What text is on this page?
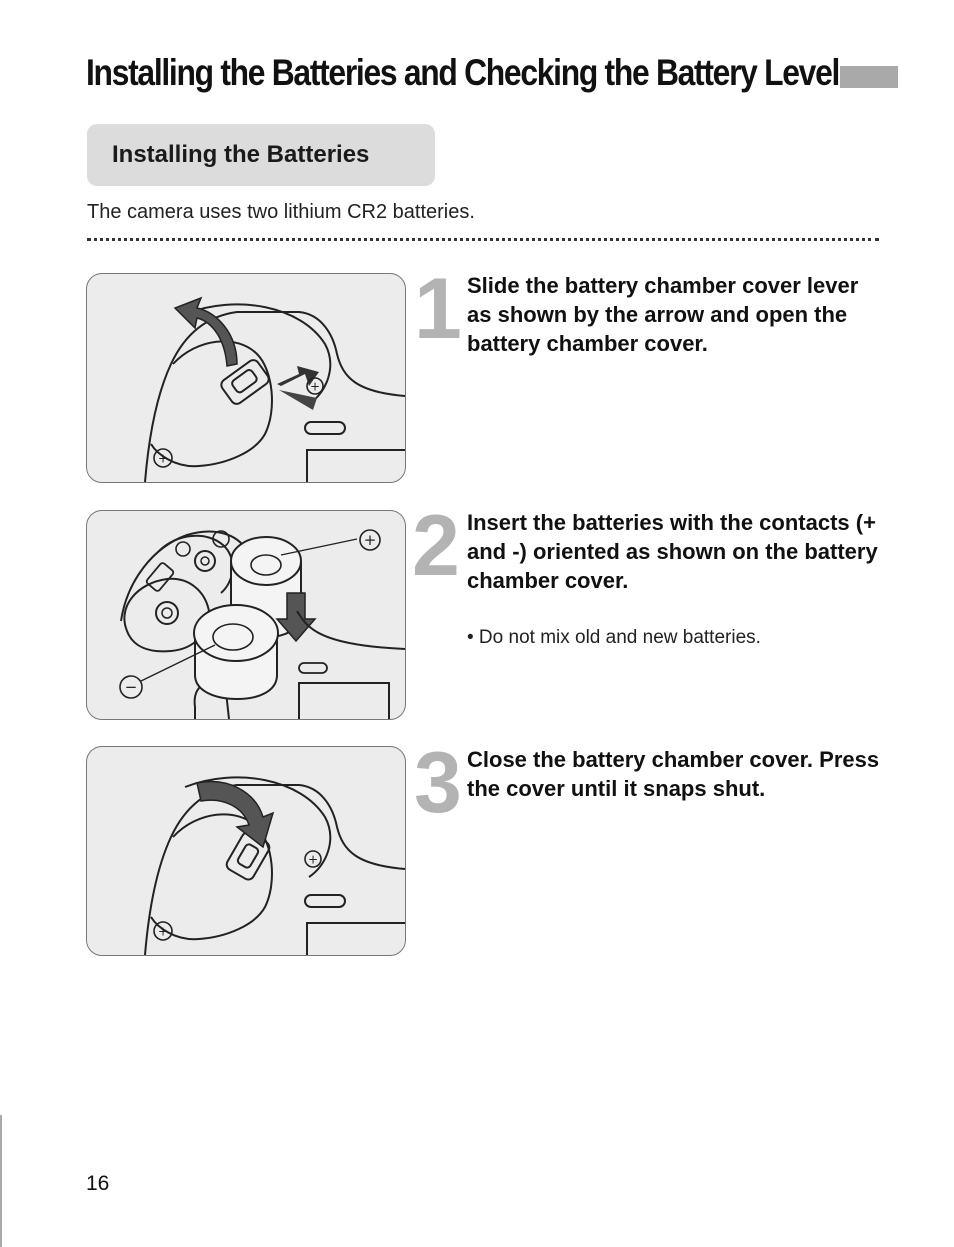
Installing the Batteries and Checking the Battery Level
Installing the Batteries
The camera uses two lithium CR2 batteries.
+
+
1 Slide the battery chamber cover lever as shown by the arrow and open the battery chamber cover.
+
−
2 Insert the batteries with the contacts (+ and -) oriented as shown on the battery chamber cover.
• Do not mix old and new batteries.
+
+
3 Close the battery chamber cover. Press the cover until it snaps shut.
16
